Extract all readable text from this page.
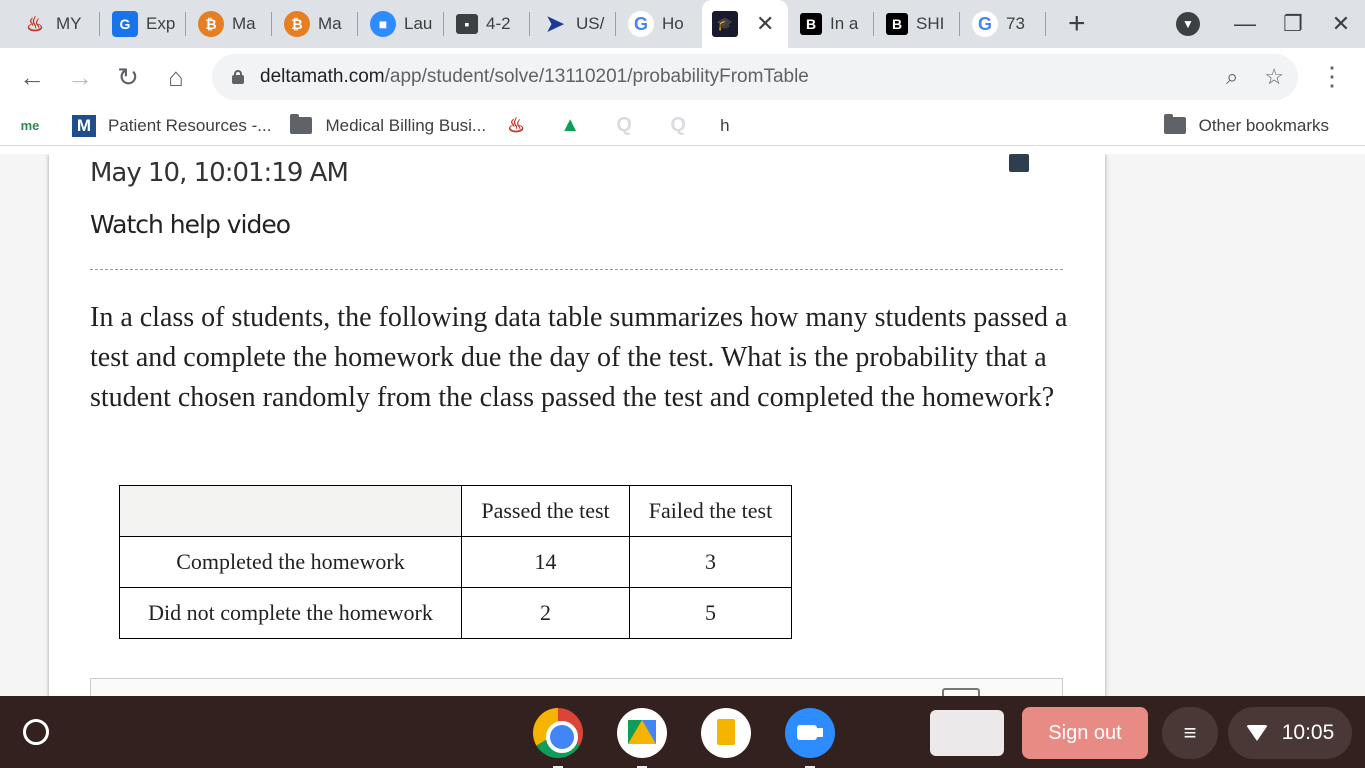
♨ MY	G Exp	₿ Ma	₿ Ma	■ Lau	▪ 4-2 ➤ US/	G Ho	🎓 ✕	B In a	B SHI	G 73 +	▼	—	❐	✕
← → ↻	⌂	deltamath.com/app/student/solve/13110201/probabilityFromTable	⌕ ☆ ⋮
me M Patient Resources -...	Medical Billing Busi... ♨ ▲ Q Q h	Other bookmarks
May 10, 10:01:19 AM
Watch help video
In a class of students, the following data table summarizes how many students passed a test and complete the homework due the day of the test. What is the probability that a student chosen randomly from the class passed the test and completed the homework?
	Passed the test	Failed the test
Completed the homework	14	3
Did not complete the homework	2	5
Sign out	≡	10:05
